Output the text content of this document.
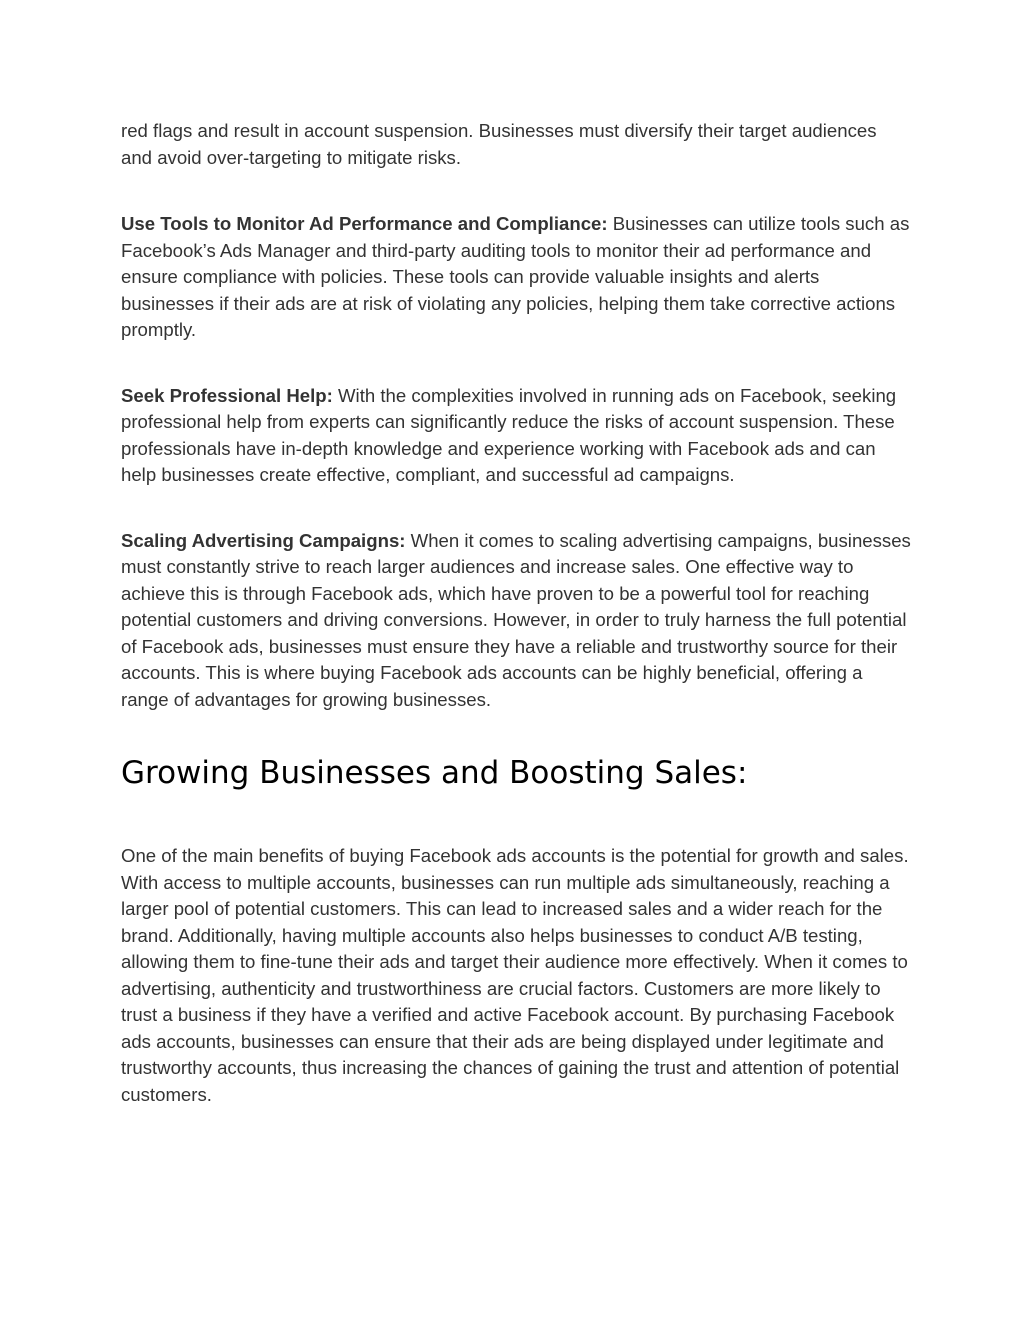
red flags and result in account suspension. Businesses must diversify their target audiences and avoid over-targeting to mitigate risks.

Use Tools to Monitor Ad Performance and Compliance: Businesses can utilize tools such as Facebook’s Ads Manager and third-party auditing tools to monitor their ad performance and ensure compliance with policies. These tools can provide valuable insights and alerts businesses if their ads are at risk of violating any policies, helping them take corrective actions promptly.

Seek Professional Help: With the complexities involved in running ads on Facebook, seeking professional help from experts can significantly reduce the risks of account suspension. These professionals have in-depth knowledge and experience working with Facebook ads and can help businesses create effective, compliant, and successful ad campaigns.

Scaling Advertising Campaigns: When it comes to scaling advertising campaigns, businesses must constantly strive to reach larger audiences and increase sales. One effective way to achieve this is through Facebook ads, which have proven to be a powerful tool for reaching potential customers and driving conversions. However, in order to truly harness the full potential of Facebook ads, businesses must ensure they have a reliable and trustworthy source for their accounts. This is where buying Facebook ads accounts can be highly beneficial, offering a range of advantages for growing businesses.

Growing Businesses and Boosting Sales:

One of the main benefits of buying Facebook ads accounts is the potential for growth and sales. With access to multiple accounts, businesses can run multiple ads simultaneously, reaching a larger pool of potential customers. This can lead to increased sales and a wider reach for the brand. Additionally, having multiple accounts also helps businesses to conduct A/B testing, allowing them to fine-tune their ads and target their audience more effectively. When it comes to advertising, authenticity and trustworthiness are crucial factors. Customers are more likely to trust a business if they have a verified and active Facebook account. By purchasing Facebook ads accounts, businesses can ensure that their ads are being displayed under legitimate and trustworthy accounts, thus increasing the chances of gaining the trust and attention of potential customers.
